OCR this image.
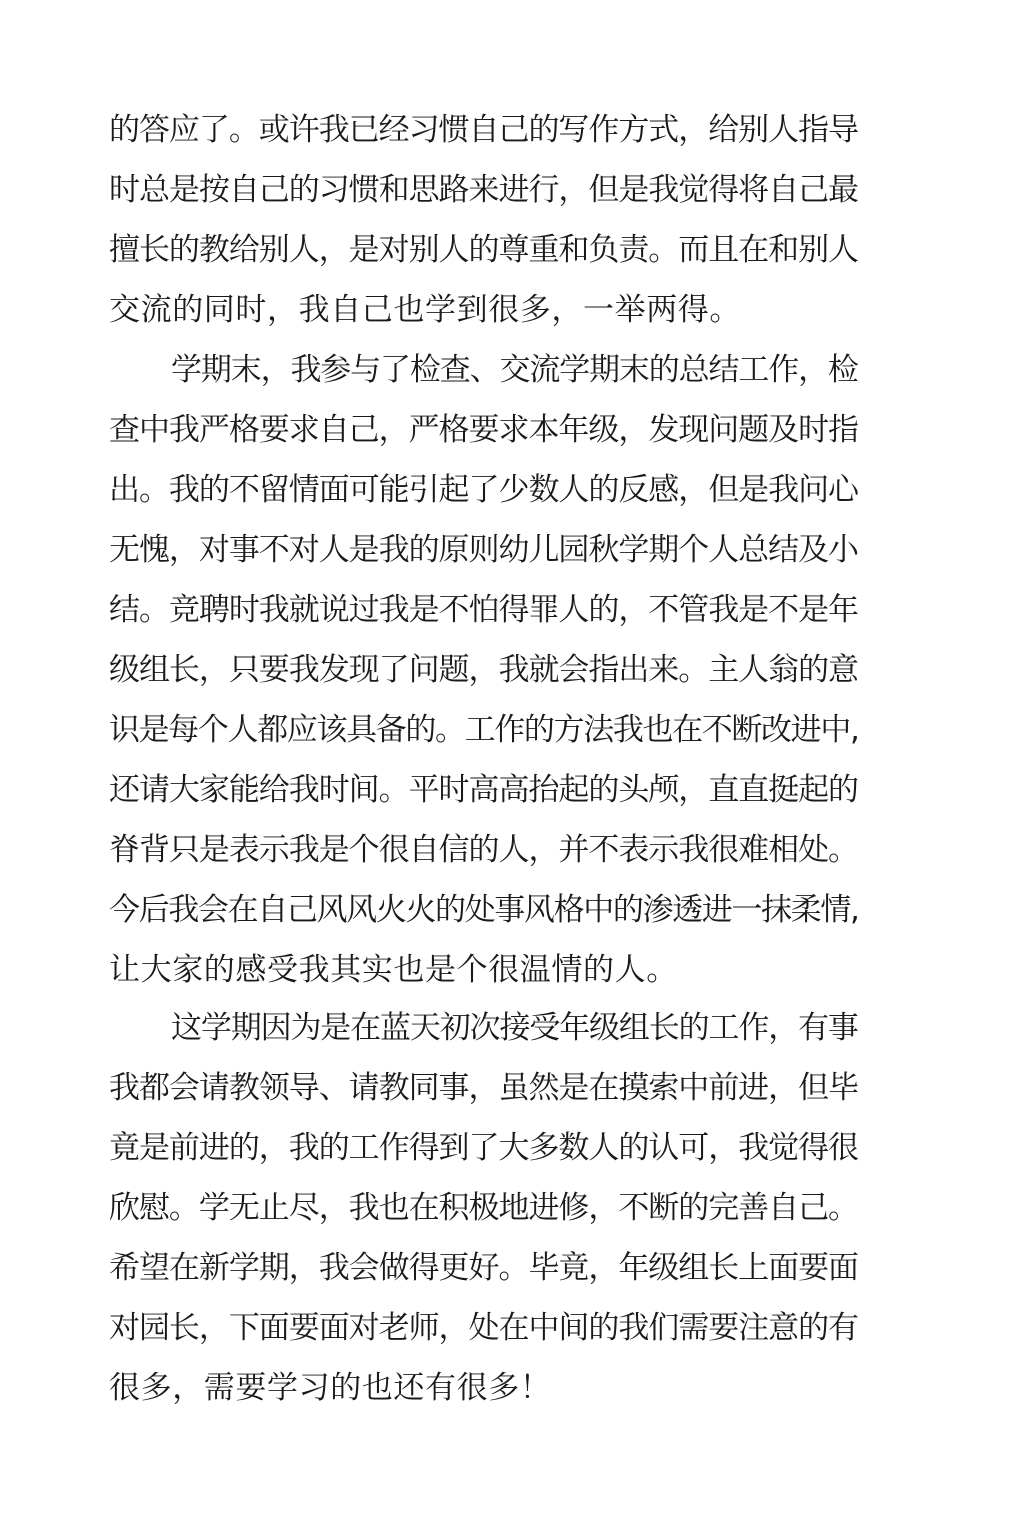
的答应了。或许我已经习惯自己的写作方式，给别人指导
时总是按自己的习惯和思路来进行，但是我觉得将自己最
擅长的教给别人，是对别人的尊重和负责。而且在和别人
交流的同时，我自己也学到很多，一举两得。
学期末，我参与了检查、交流学期末的总结工作，检
查中我严格要求自己，严格要求本年级，发现问题及时指
出。我的不留情面可能引起了少数人的反感，但是我问心
无愧，对事不对人是我的原则幼儿园秋学期个人总结及小
结。竞聘时我就说过我是不怕得罪人的，不管我是不是年
级组长，只要我发现了问题，我就会指出来。主人翁的意
识是每个人都应该具备的。工作的方法我也在不断改进中,
还请大家能给我时间。平时高高抬起的头颅，直直挺起的
脊背只是表示我是个很自信的人，并不表示我很难相处。
今后我会在自己风风火火的处事风格中的渗透进一抹柔情,
让大家的感受我其实也是个很温情的人。
这学期因为是在蓝天初次接受年级组长的工作，有事
我都会请教领导、请教同事，虽然是在摸索中前进，但毕
竟是前进的，我的工作得到了大多数人的认可，我觉得很
欣慰。学无止尽，我也在积极地进修，不断的完善自己。
希望在新学期，我会做得更好。毕竟，年级组长上面要面
对园长，下面要面对老师，处在中间的我们需要注意的有
很多，需要学习的也还有很多！
